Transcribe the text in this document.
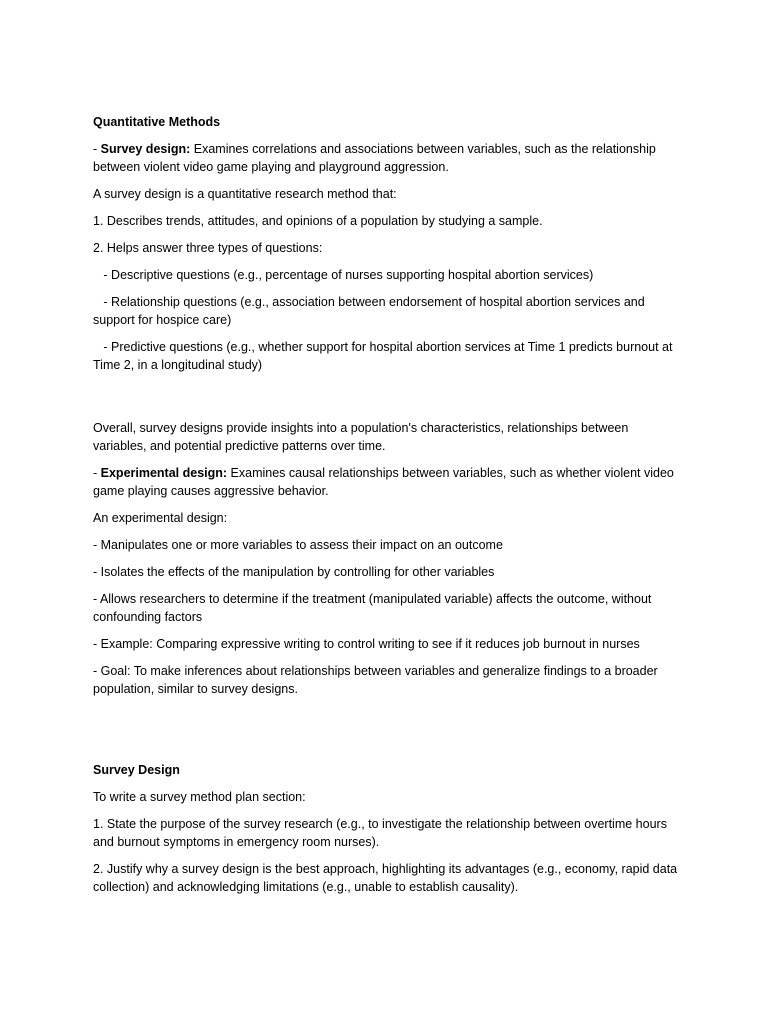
Quantitative Methods

- Survey design: Examines correlations and associations between variables, such as the relationship between violent video game playing and playground aggression.

A survey design is a quantitative research method that:

1. Describes trends, attitudes, and opinions of a population by studying a sample.

2. Helps answer three types of questions:

- Descriptive questions (e.g., percentage of nurses supporting hospital abortion services)

- Relationship questions (e.g., association between endorsement of hospital abortion services and support for hospice care)

- Predictive questions (e.g., whether support for hospital abortion services at Time 1 predicts burnout at Time 2, in a longitudinal study)

Overall, survey designs provide insights into a population's characteristics, relationships between variables, and potential predictive patterns over time.

- Experimental design: Examines causal relationships between variables, such as whether violent video game playing causes aggressive behavior.

An experimental design:

- Manipulates one or more variables to assess their impact on an outcome

- Isolates the effects of the manipulation by controlling for other variables

- Allows researchers to determine if the treatment (manipulated variable) affects the outcome, without confounding factors

- Example: Comparing expressive writing to control writing to see if it reduces job burnout in nurses

- Goal: To make inferences about relationships between variables and generalize findings to a broader population, similar to survey designs.

Survey Design

To write a survey method plan section:

1. State the purpose of the survey research (e.g., to investigate the relationship between overtime hours and burnout symptoms in emergency room nurses).

2. Justify why a survey design is the best approach, highlighting its advantages (e.g., economy, rapid data collection) and acknowledging limitations (e.g., unable to establish causality).
